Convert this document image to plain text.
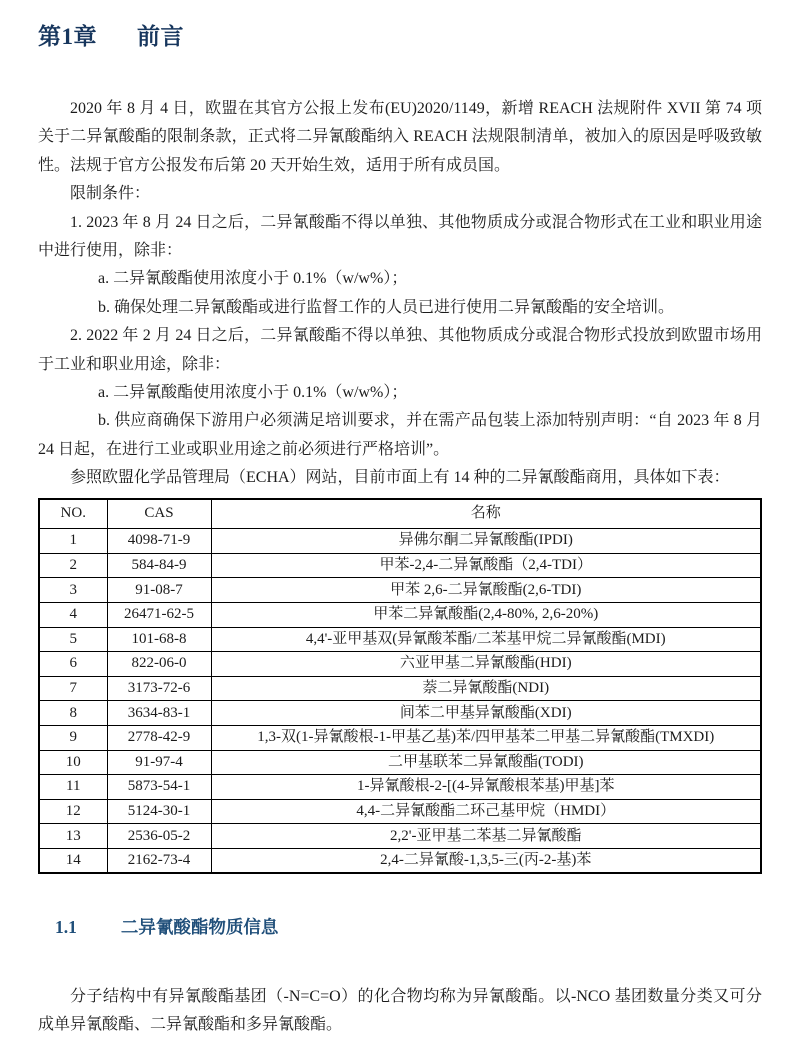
第1章 前言

2020 年 8 月 4 日，欧盟在其官方公报上发布(EU)2020/1149，新增 REACH 法规附件 XVII 第 74 项关于二异氰酸酯的限制条款，正式将二异氰酸酯纳入 REACH 法规限制清单，被加入的原因是呼吸致敏性。法规于官方公报发布后第 20 天开始生效，适用于所有成员国。

限制条件：

1. 2023 年 8 月 24 日之后，二异氰酸酯不得以单独、其他物质成分或混合物形式在工业和职业用途中进行使用，除非：

a. 二异氰酸酯使用浓度小于 0.1%（w/w%）；

b. 确保处理二异氰酸酯或进行监督工作的人员已进行使用二异氰酸酯的安全培训。

2. 2022 年 2 月 24 日之后，二异氰酸酯不得以单独、其他物质成分或混合物形式投放到欧盟市场用于工业和职业用途，除非：

a. 二异氰酸酯使用浓度小于 0.1%（w/w%）；

b. 供应商确保下游用户必须满足培训要求，并在需产品包装上添加特别声明：“自 2023 年 8 月 24 日起，在进行工业或职业用途之前必须进行严格培训”。

参照欧盟化学品管理局（ECHA）网站，目前市面上有 14 种的二异氰酸酯商用，具体如下表：

NO.	CAS	名称
1	4098-71-9	异佛尔酮二异氰酸酯(IPDI)
2	584-84-9	甲苯-2,4-二异氰酸酯（2,4-TDI）
3	91-08-7	甲苯 2,6-二异氰酸酯(2,6-TDI)
4	26471-62-5	甲苯二异氰酸酯(2,4-80%, 2,6-20%)
5	101-68-8	4,4'-亚甲基双(异氰酸苯酯/二苯基甲烷二异氰酸酯(MDI)
6	822-06-0	六亚甲基二异氰酸酯(HDI)
7	3173-72-6	萘二异氰酸酯(NDI)
8	3634-83-1	间苯二甲基异氰酸酯(XDI)
9	2778-42-9	1,3-双(1-异氰酸根-1-甲基乙基)苯/四甲基苯二甲基二异氰酸酯(TMXDI)
10	91-97-4	二甲基联苯二异氰酸酯(TODI)
11	5873-54-1	1-异氰酸根-2-[(4-异氰酸根苯基)甲基]苯
12	5124-30-1	4,4-二异氰酸酯二环己基甲烷（HMDI）
13	2536-05-2	2,2'-亚甲基二苯基二异氰酸酯
14	2162-73-4	2,4-二异氰酸-1,3,5-三(丙-2-基)苯
1.1	二异氰酸酯物质信息

分子结构中有异氰酸酯基团（-N=C=O）的化合物均称为异氰酸酯。以-NCO 基团数量分类又可分成单异氰酸酯、二异氰酸酯和多异氰酸酯。
